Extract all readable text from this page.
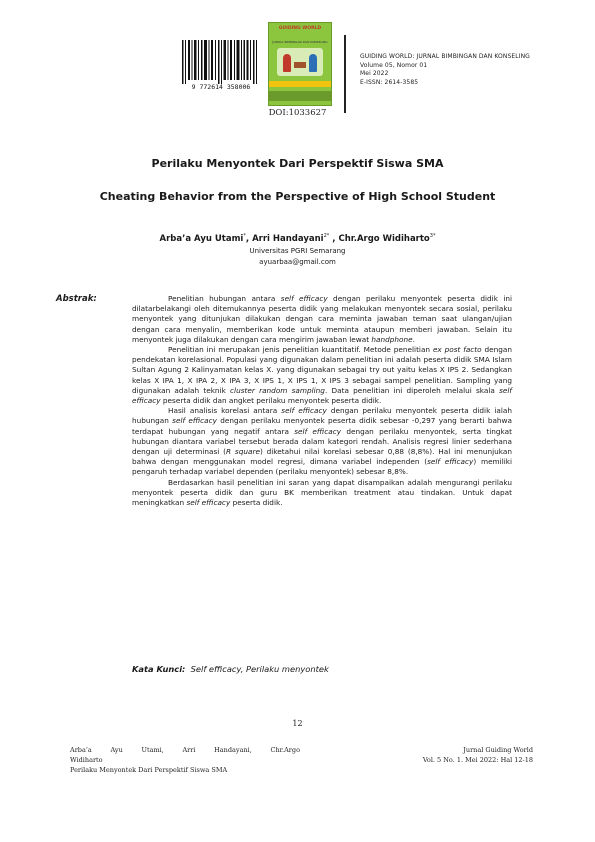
9 772614 358006
GUIDING WORLD
JURNAL BIMBINGAN DAN KONSELING
GUIDING WORLD: JURNAL BIMBINGAN DAN KONSELING
Volume 05, Nomor 01
Mei 2022
E-ISSN: 2614-3585
DOI:1033627
Perilaku Menyontek Dari Perspektif Siswa SMA
Cheating Behavior from the Perspective of High School Student
Arba’a Ayu Utami*, Arri Handayani$^{2*}$ , Chr.Argo Widiharto$^{3*}$
Universitas PGRI Semarang
ayuarbaa@gmail.com
Abstrak:	Penelitian hubungan antara self efficacy dengan perilaku menyontek peserta didik ini dilatarbelakangi oleh ditemukannya peserta didik yang melakukan menyontek secara sosial, perilaku menyontek yang ditunjukan dilakukan dengan cara meminta jawaban teman saat ulangan/ujian dengan cara menyalin, memberikan kode untuk meminta ataupun memberi jawaban. Selain itu menyontek juga dilakukan dengan cara mengirim jawaban lewat handphone.

Penelitian ini merupakan jenis penelitian kuantitatif. Metode penelitian ex post facto dengan pendekatan korelasional. Populasi yang digunakan dalam penelitian ini adalah peserta didik SMA Islam Sultan Agung 2 Kalinyamatan kelas X. yang digunakan sebagai try out yaitu kelas X IPS 2. Sedangkan kelas X IPA 1, X IPA 2, X IPA 3, X IPS 1, X IPS 1, X IPS 3 sebagai sampel penelitian. Sampling yang digunakan adalah teknik cluster random sampling. Data penelitian ini diperoleh melalui skala self efficacy peserta didik dan angket perilaku menyontek peserta didik.

Hasil analisis korelasi antara self efficacy dengan perilaku menyontek peserta didik ialah hubungan self efficacy dengan perilaku menyontek peserta didik sebesar -0,297 yang berarti bahwa terdapat hubungan yang negatif antara self efficacy dengan perilaku menyontek, serta tingkat hubungan diantara variabel tersebut berada dalam kategori rendah. Analisis regresi linier sederhana dengan uji determinasi (R square) diketahui nilai korelasi sebesar 0,88 (8,8%). Hal ini menunjukan bahwa dengan menggunakan model regresi, dimana variabel independen (self efficacy) memiliki pengaruh terhadap variabel dependen (perilaku menyontek) sebesar 8,8%.

Berdasarkan hasil penelitian ini saran yang dapat disampaikan adalah mengurangi perilaku menyontek peserta didik dan guru BK memberikan treatment atau tindakan. Untuk dapat meningkatkan self efficacy peserta didik.

Kata Kunci: Self efficacy, Perilaku menyontek
12
Arba’a Ayu Utami, Arri Handayani, Chr.Argo
Widiharto
Perilaku Menyontek Dari Perspektif Siswa SMA
Jurnal Guiding World
Vol. 5 No. 1. Mei 2022: Hal 12-18
